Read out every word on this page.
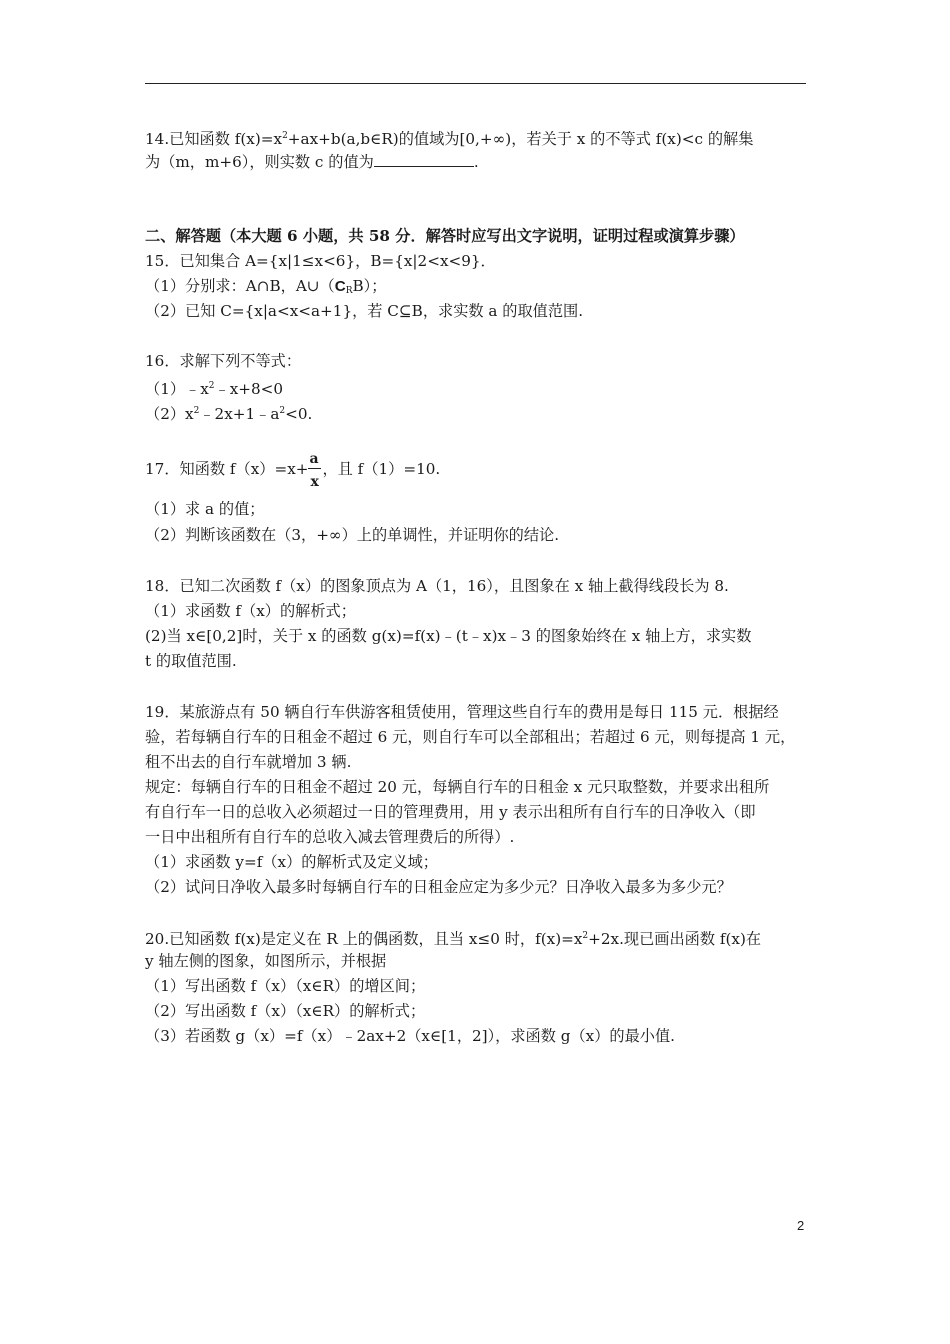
14.已知函数 $f(x)=x^2+ax+b(a,b\in R)$的值域为[0,+∞)，若关于 x 的不等式 f(x)<c 的解集
为（m，m+6），则实数 c 的值为	.
二、解答题（本大题 6 小题，共 58 分．解答时应写出文字说明，证明过程或演算步骤）
15．已知集合 A={x|1≤x<6}，B={x|2<x<9}．
（1）分别求：A∩B，$A\cup(C_RB)$；
（2）已知 C={x|a<x<a+1}，若 C⊆B，求实数 a 的取值范围.
16．求解下列不等式：
$(1)﹣x^2﹣x+8<0$
$(2)x^2﹣2x+1﹣a^2<0$.
17．知函数 $f(x)=x+ \frac{a}{x}$ ，且 f（1）=10.
（1）求 a 的值；
（2）判断该函数在（3，+∞）上的单调性，并证明你的结论.
18．已知二次函数 f（x）的图象顶点为 A（1，16），且图象在 x 轴上截得线段长为 8.
（1）求函数 f（x）的解析式；
(2)当 x∈[0,2]时，关于 x 的函数 g(x)=f(x)﹣(t﹣x)x﹣3 的图象始终在 x 轴上方，求实数
t 的取值范围.
19．某旅游点有 50 辆自行车供游客租赁使用，管理这些自行车的费用是每日 115 元．根据经
验，若每辆自行车的日租金不超过 6 元，则自行车可以全部租出；若超过 6 元，则每提高 1 元，
租不出去的自行车就增加 3 辆.
规定：每辆自行车的日租金不超过 20 元，每辆自行车的日租金 x 元只取整数，并要求出租所
有自行车一日的总收入必须超过一日的管理费用，用 y 表示出租所有自行车的日净收入（即
一日中出租所有自行车的总收入减去管理费后的所得）.
（1）求函数 y=f（x）的解析式及定义域；
（2）试问日净收入最多时每辆自行车的日租金应定为多少元？日净收入最多为多少元？
20.已知函数 f(x)是定义在 R 上的偶函数，且当 x≤0 时，$f(x)=x^2+2x$.现已画出函数 f(x)在
y 轴左侧的图象，如图所示，并根据
（1）写出函数 f（x）（x∈R）的增区间；
（2）写出函数 f（x）（x∈R）的解析式；
（3）若函数 g（x）=f（x）﹣2ax+2（x∈[1，2]），求函数 g（x）的最小值.
2
